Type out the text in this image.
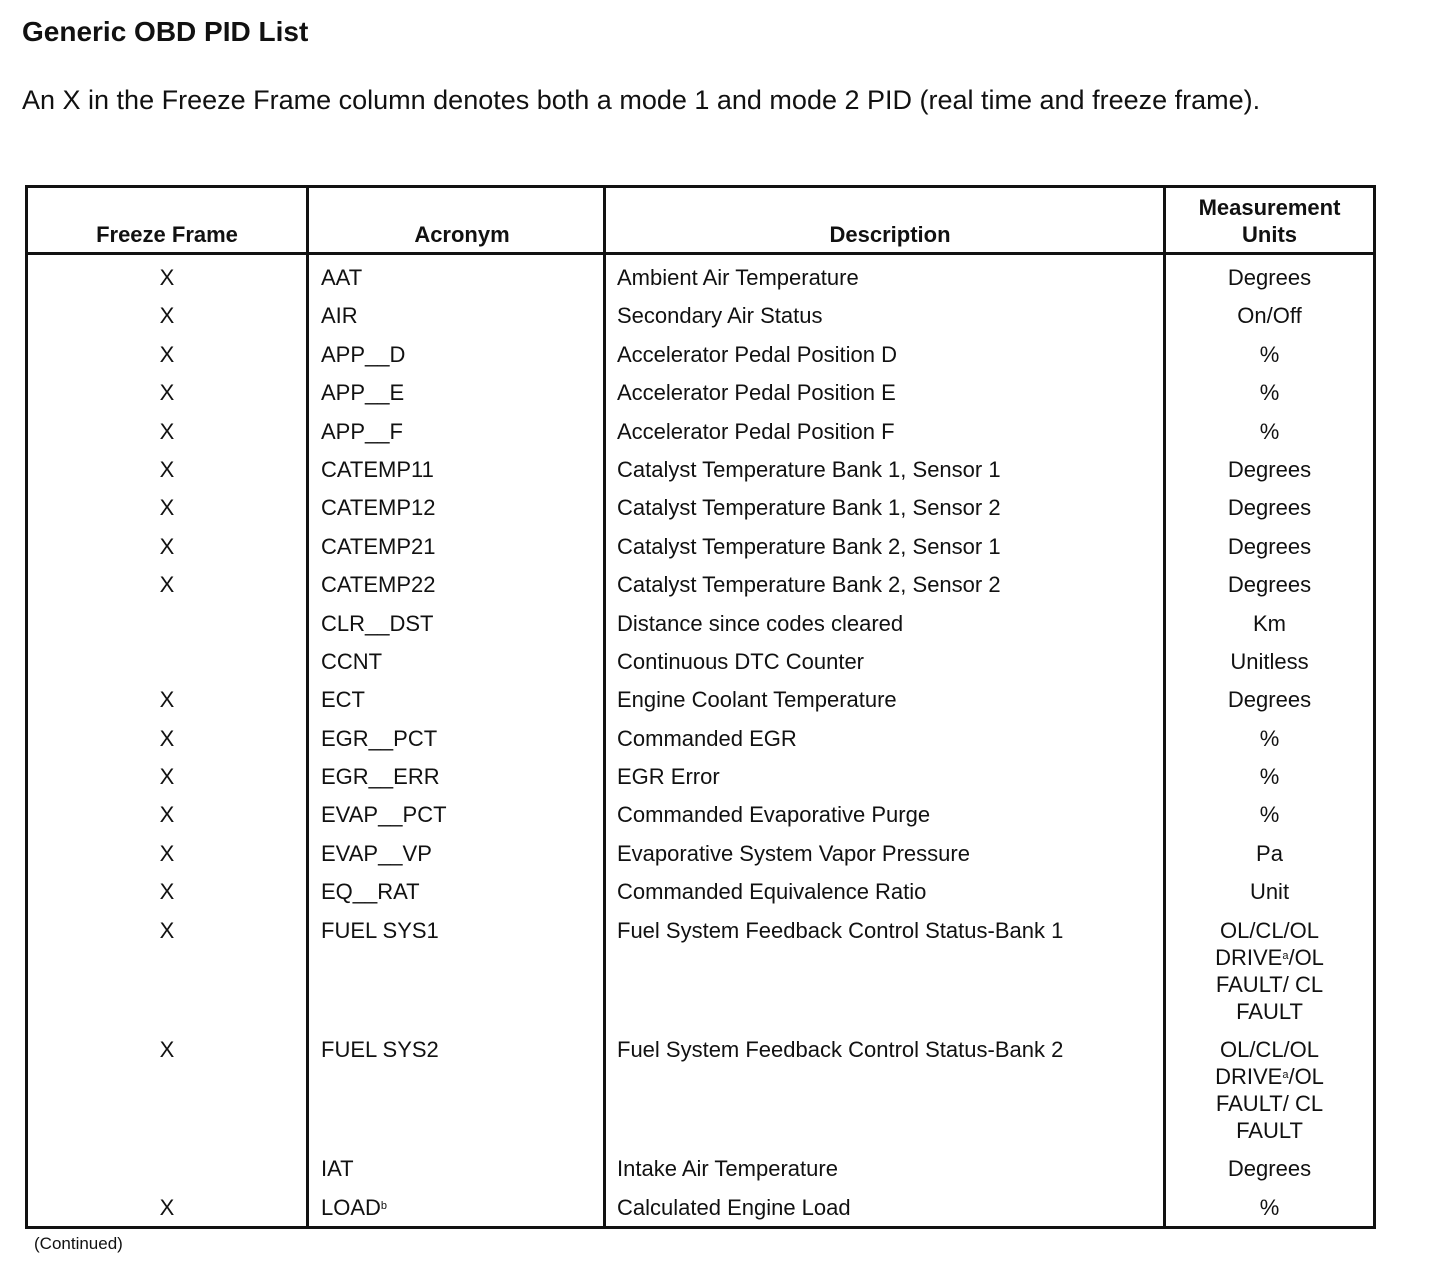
Generic OBD PID List
An X in the Freeze Frame column denotes both a mode 1 and mode 2 PID (real time and freeze frame).
Freeze Frame	Acronym	Description	Measurement
Units
X	AAT	Ambient Air Temperature	Degrees
X	AIR	Secondary Air Status	On/Off
X	APP__D	Accelerator Pedal Position D	%
X	APP__E	Accelerator Pedal Position E	%
X	APP__F	Accelerator Pedal Position F	%
X	CATEMP11	Catalyst Temperature Bank 1, Sensor 1	Degrees
X	CATEMP12	Catalyst Temperature Bank 1, Sensor 2	Degrees
X	CATEMP21	Catalyst Temperature Bank 2, Sensor 1	Degrees
X	CATEMP22	Catalyst Temperature Bank 2, Sensor 2	Degrees
	CLR__DST	Distance since codes cleared	Km
	CCNT	Continuous DTC Counter	Unitless
X	ECT	Engine Coolant Temperature	Degrees
X	EGR__PCT	Commanded EGR	%
X	EGR__ERR	EGR Error	%
X	EVAP__PCT	Commanded Evaporative Purge	%
X	EVAP__VP	Evaporative System Vapor Pressure	Pa
X	EQ__RAT	Commanded Equivalence Ratio	Unit
X	FUEL SYS1	Fuel System Feedback Control Status-Bank 1	OL/CL/OL
DRIVE$^a$/OL
FAULT/ CL
FAULT
X	FUEL SYS2	Fuel System Feedback Control Status-Bank 2	OL/CL/OL
DRIVE$^a$/OL
FAULT/ CL
FAULT
	IAT	Intake Air Temperature	Degrees
X	LOAD$^b$	Calculated Engine Load	%
(Continued)
